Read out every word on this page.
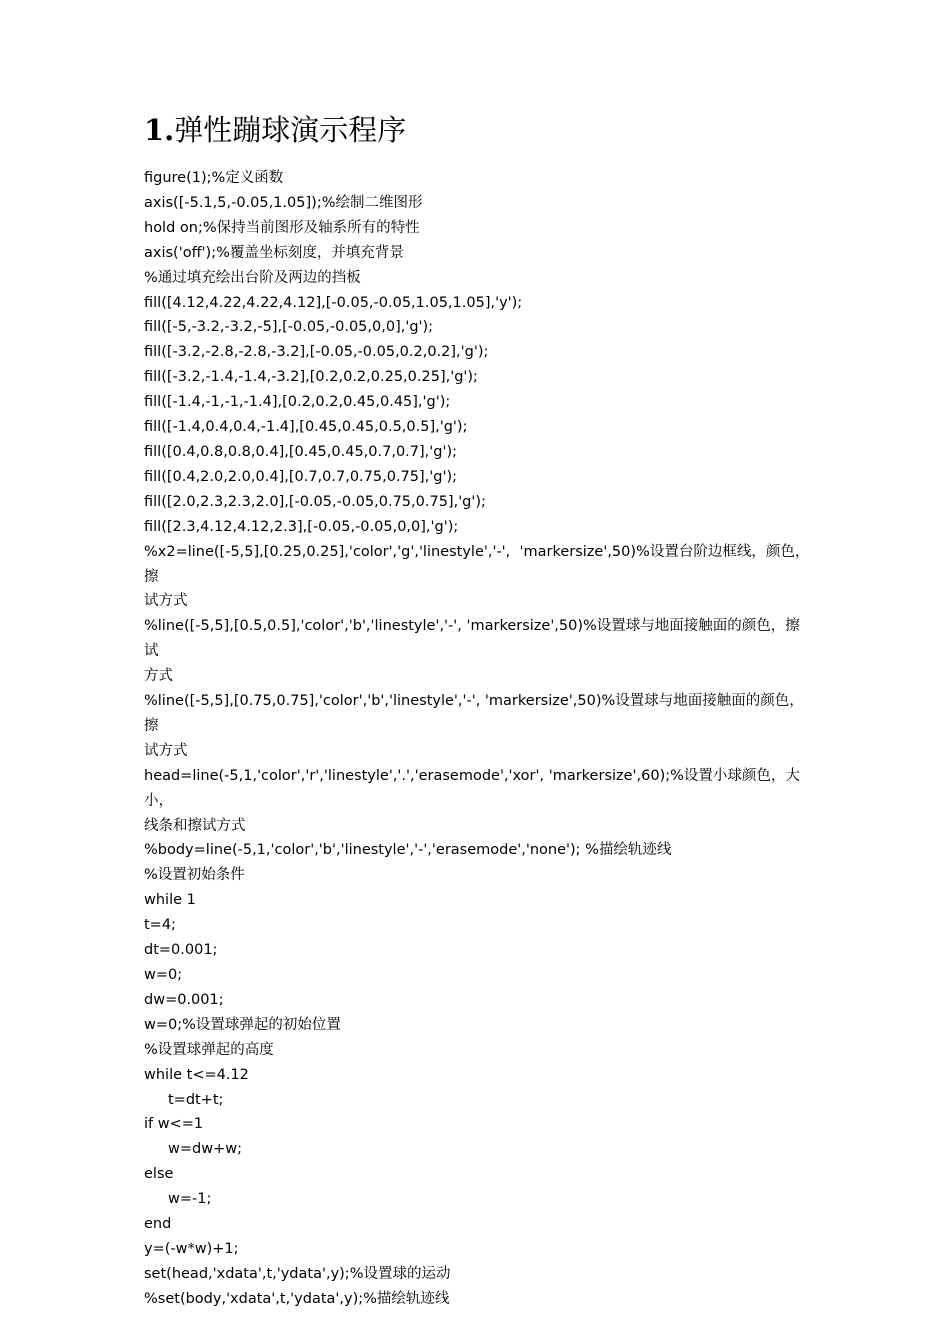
1.弹性蹦球演示程序
figure(1);%定义函数
axis([-5.1,5,-0.05,1.05]);%绘制二维图形
hold on;%保持当前图形及轴系所有的特性
axis('off');%覆盖坐标刻度，并填充背景
%通过填充绘出台阶及两边的挡板
fill([4.12,4.22,4.22,4.12],[-0.05,-0.05,1.05,1.05],'y');
fill([-5,-3.2,-3.2,-5],[-0.05,-0.05,0,0],'g');
fill([-3.2,-2.8,-2.8,-3.2],[-0.05,-0.05,0.2,0.2],'g');
fill([-3.2,-1.4,-1.4,-3.2],[0.2,0.2,0.25,0.25],'g');
fill([-1.4,-1,-1,-1.4],[0.2,0.2,0.45,0.45],'g');
fill([-1.4,0.4,0.4,-1.4],[0.45,0.45,0.5,0.5],'g');
fill([0.4,0.8,0.8,0.4],[0.45,0.45,0.7,0.7],'g');
fill([0.4,2.0,2.0,0.4],[0.7,0.7,0.75,0.75],'g');
fill([2.0,2.3,2.3,2.0],[-0.05,-0.05,0.75,0.75],'g');
fill([2.3,4.12,4.12,2.3],[-0.05,-0.05,0,0],'g');
%x2=line([-5,5],[0.25,0.25],'color','g','linestyle','-',  'markersize',50)%设置台阶边框线，颜色，擦
试方式
%line([-5,5],[0.5,0.5],'color','b','linestyle','-', 'markersize',50)%设置球与地面接触面的颜色，擦试
方式
%line([-5,5],[0.75,0.75],'color','b','linestyle','-', 'markersize',50)%设置球与地面接触面的颜色，擦
试方式
head=line(-5,1,'color','r','linestyle','.','erasemode','xor', 'markersize',60);%设置小球颜色，大小，
线条和擦试方式
%body=line(-5,1,'color','b','linestyle','-','erasemode','none'); %描绘轨迹线
%设置初始条件
while 1
t=4;
dt=0.001;
w=0;
dw=0.001;
w=0;%设置球弹起的初始位置
%设置球弹起的高度
while t<=4.12
t=dt+t;
if w<=1
w=dw+w;
else
w=-1;
end
y=(-w*w)+1;
set(head,'xdata',t,'ydata',y);%设置球的运动
%set(body,'xdata',t,'ydata',y);%描绘轨迹线
